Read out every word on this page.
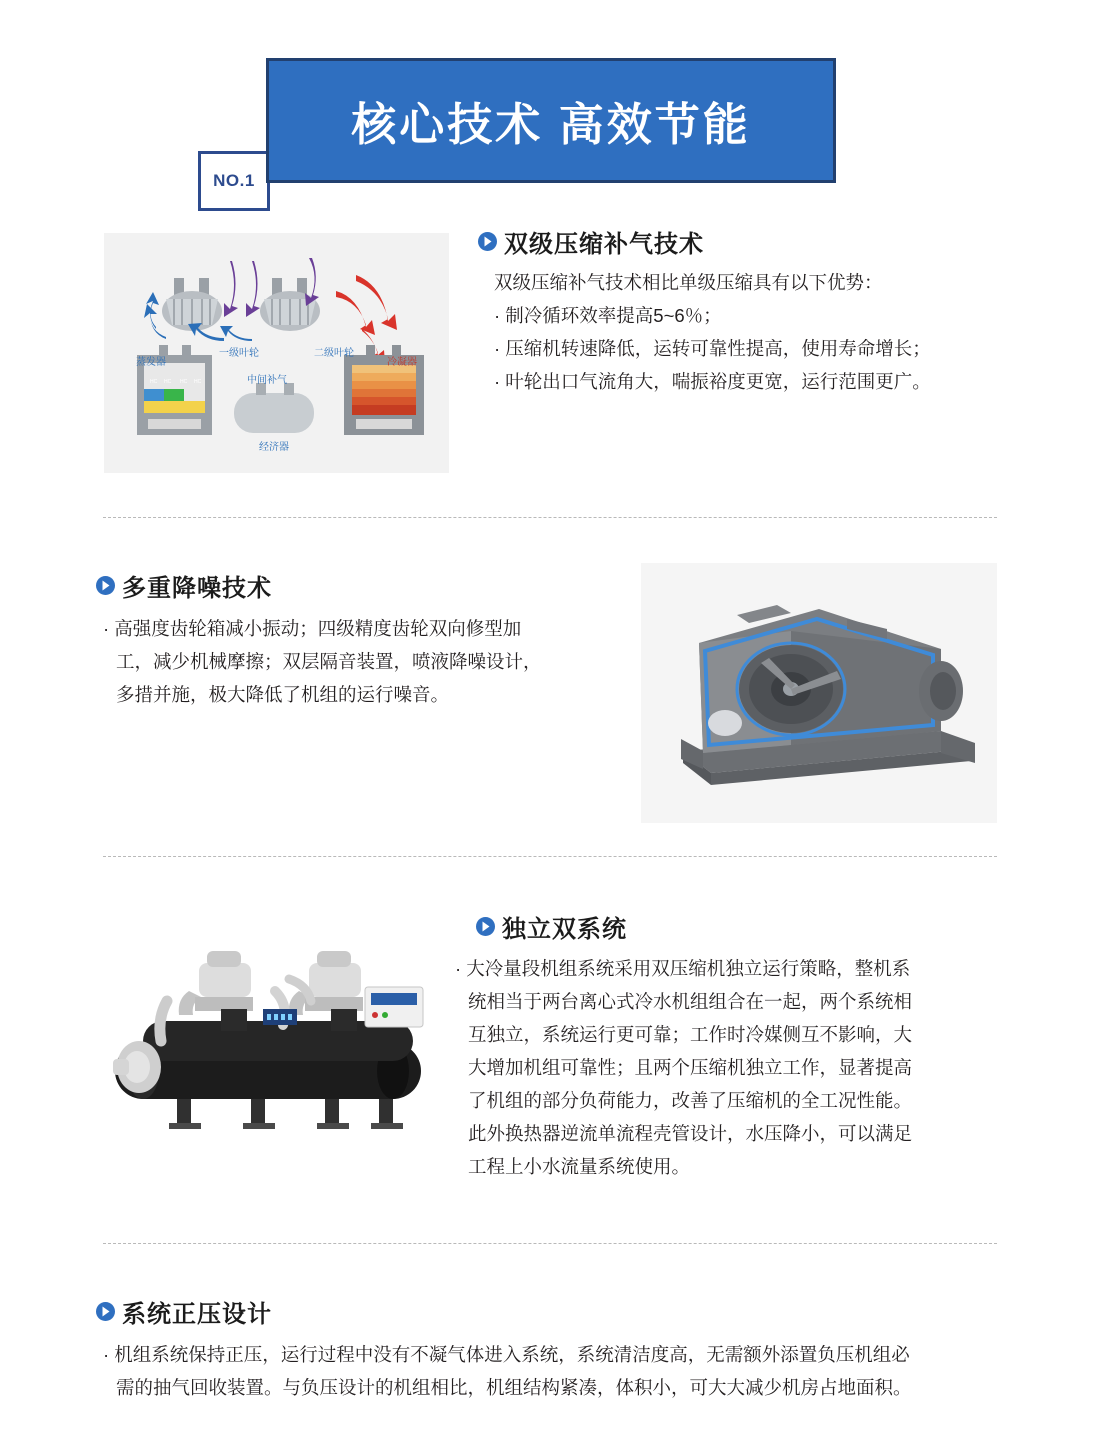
NO.1
核心技术 高效节能
HC HC HC HC
一级叶轮	二级叶轮
蒸发器	冷凝器
中间补气
经济器
双级压缩补气技术
双级压缩补气技术相比单级压缩具有以下优势：
· 制冷循环效率提高5~6％；
· 压缩机转速降低，运转可靠性提高，使用寿命增长；
· 叶轮出口气流角大，喘振裕度更宽，运行范围更广。
多重降噪技术
· 高强度齿轮箱减小振动；四级精度齿轮双向修型加
工，减少机械摩擦；双层隔音装置，喷液降噪设计，
多措并施，极大降低了机组的运行噪音。
独立双系统
· 大冷量段机组系统采用双压缩机独立运行策略，整机系
统相当于两台离心式冷水机组组合在一起，两个系统相
互独立，系统运行更可靠；工作时冷媒侧互不影响，大
大增加机组可靠性；且两个压缩机独立工作，显著提高
了机组的部分负荷能力，改善了压缩机的全工况性能。
此外换热器逆流单流程壳管设计，水压降小，可以满足
工程上小水流量系统使用。
系统正压设计
· 机组系统保持正压，运行过程中没有不凝气体进入系统，系统清洁度高，无需额外添置负压机组必
需的抽气回收装置。与负压设计的机组相比，机组结构紧凑，体积小，可大大减少机房占地面积。
